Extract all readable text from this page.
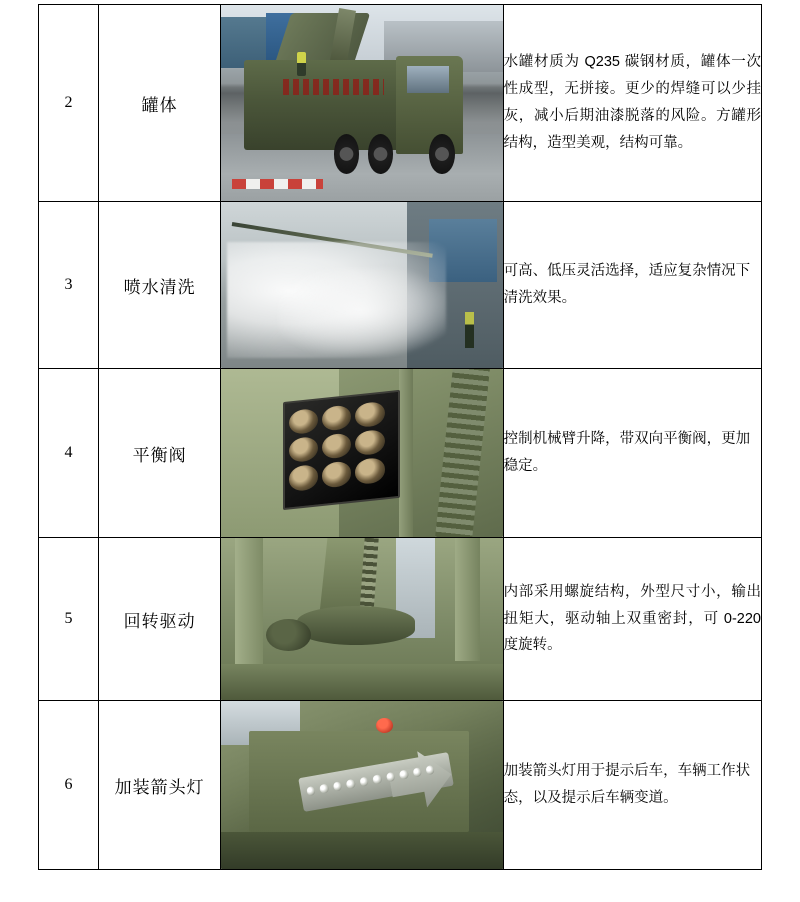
2	罐体		水罐材质为 Q235 碳钢材质，罐体一次性成型，无拼接。更少的焊缝可以少挂灰，减小后期油漆脱落的风险。方罐形结构，造型美观，结构可靠。
3	喷水清洗		可高、低压灵活选择，适应复杂情况下清洗效果。
4	平衡阀		控制机械臂升降，带双向平衡阀，更加稳定。
5	回转驱动		内部采用螺旋结构，外型尺寸小，输出扭矩大，驱动轴上双重密封，可 0-220 度旋转。
6	加装箭头灯		加装箭头灯用于提示后车，车辆工作状态，以及提示后车辆变道。
